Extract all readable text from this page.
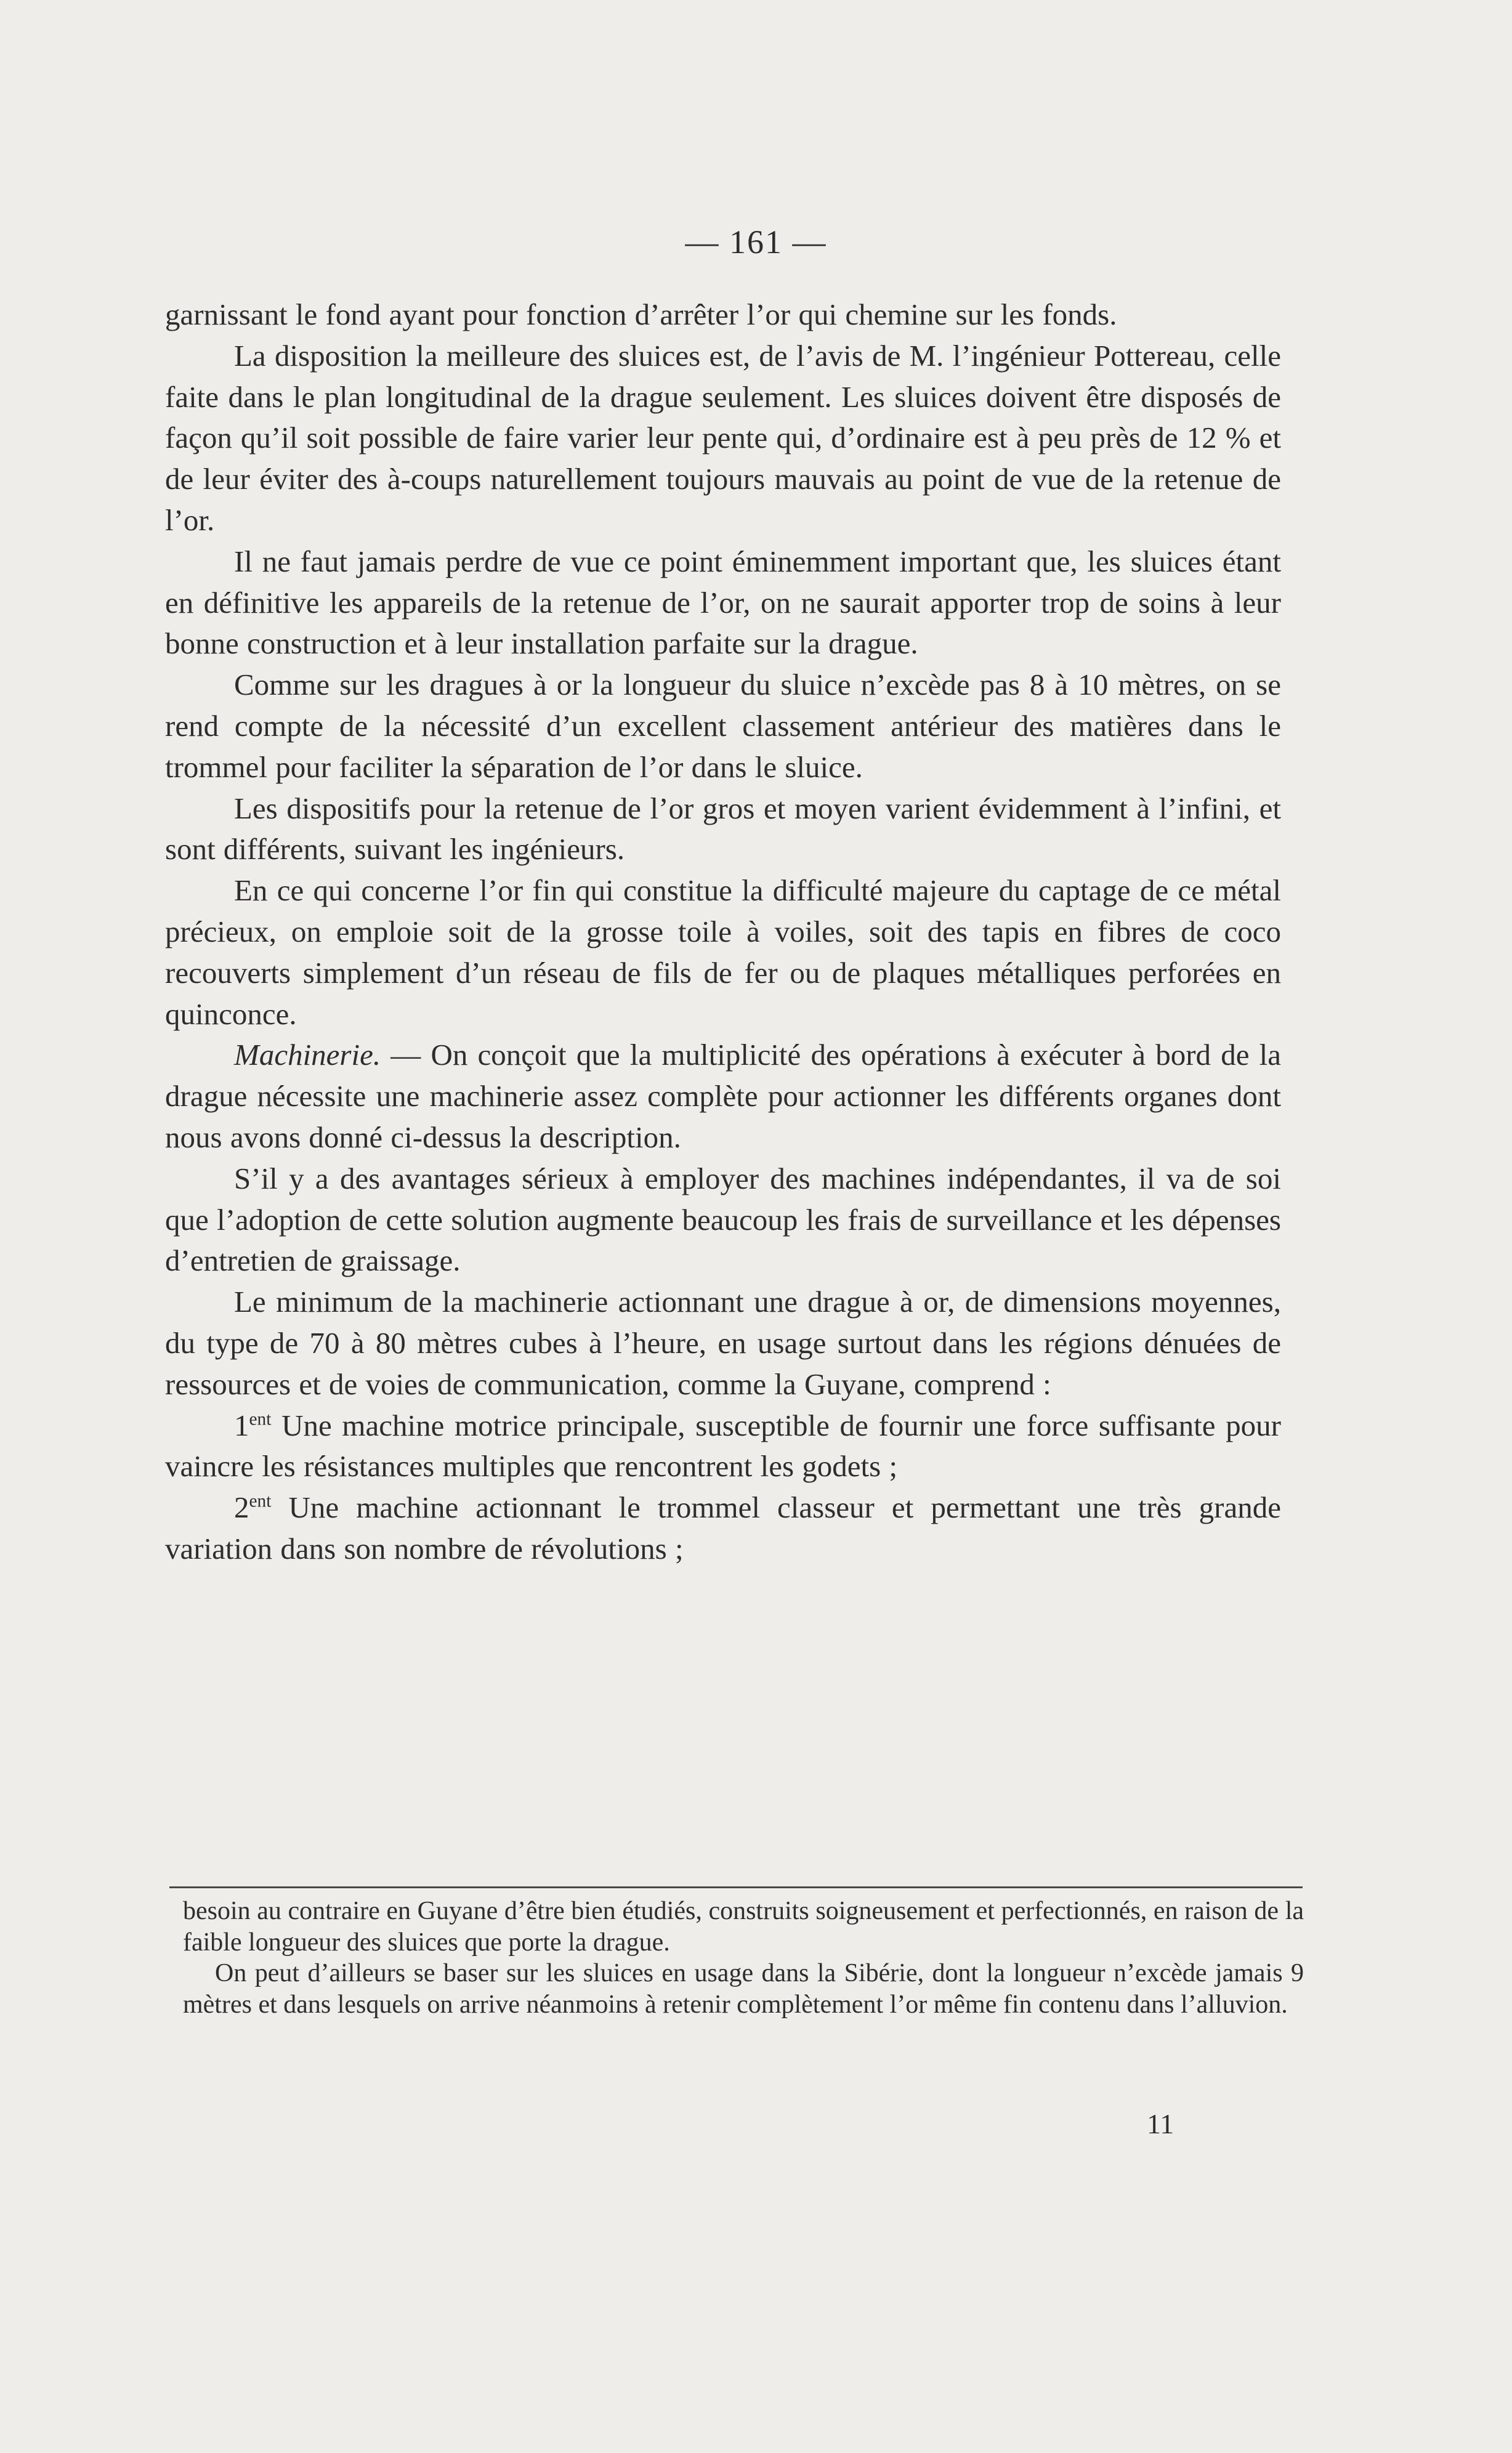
— 161 —

garnissant le fond ayant pour fonction d’arrêter l’or qui chemine sur les fonds.

La disposition la meilleure des sluices est, de l’avis de M. l’ingénieur Pottereau, celle faite dans le plan longitudinal de la drague seulement. Les sluices doivent être disposés de façon qu’il soit possible de faire varier leur pente qui, d’ordinaire est à peu près de 12 % et de leur éviter des à-coups naturellement toujours mauvais au point de vue de la retenue de l’or.

Il ne faut jamais perdre de vue ce point éminemment important que, les sluices étant en définitive les appareils de la retenue de l’or, on ne saurait apporter trop de soins à leur bonne construction et à leur installation parfaite sur la drague.

Comme sur les dragues à or la longueur du sluice n’excède pas 8 à 10 mètres, on se rend compte de la nécessité d’un excellent classement antérieur des matières dans le trommel pour faciliter la séparation de l’or dans le sluice.

Les dispositifs pour la retenue de l’or gros et moyen varient évidemment à l’infini, et sont différents, suivant les ingénieurs.

En ce qui concerne l’or fin qui constitue la difficulté majeure du captage de ce métal précieux, on emploie soit de la grosse toile à voiles, soit des tapis en fibres de coco recouverts simplement d’un réseau de fils de fer ou de plaques métalliques perforées en quinconce.

Machinerie. — On conçoit que la multiplicité des opérations à exécuter à bord de la drague nécessite une machinerie assez complète pour actionner les différents organes dont nous avons donné ci-dessus la description.

S’il y a des avantages sérieux à employer des machines indépendantes, il va de soi que l’adoption de cette solution augmente beaucoup les frais de surveillance et les dépenses d’entretien de graissage.

Le minimum de la machinerie actionnant une drague à or, de dimensions moyennes, du type de 70 à 80 mètres cubes à l’heure, en usage surtout dans les régions dénuées de ressources et de voies de communication, comme la Guyane, comprend :

$1^{ent}$ Une machine motrice principale, susceptible de fournir une force suffisante pour vaincre les résistances multiples que rencontrent les godets ;

$2^{ent}$ Une machine actionnant le trommel classeur et permettant une très grande variation dans son nombre de révolutions ;

besoin au contraire en Guyane d’être bien étudiés, construits soigneusement et perfectionnés, en raison de la faible longueur des sluices que porte la drague.

On peut d’ailleurs se baser sur les sluices en usage dans la Sibérie, dont la longueur n’excède jamais 9 mètres et dans lesquels on arrive néanmoins à retenir complètement l’or même fin contenu dans l’alluvion.

11
